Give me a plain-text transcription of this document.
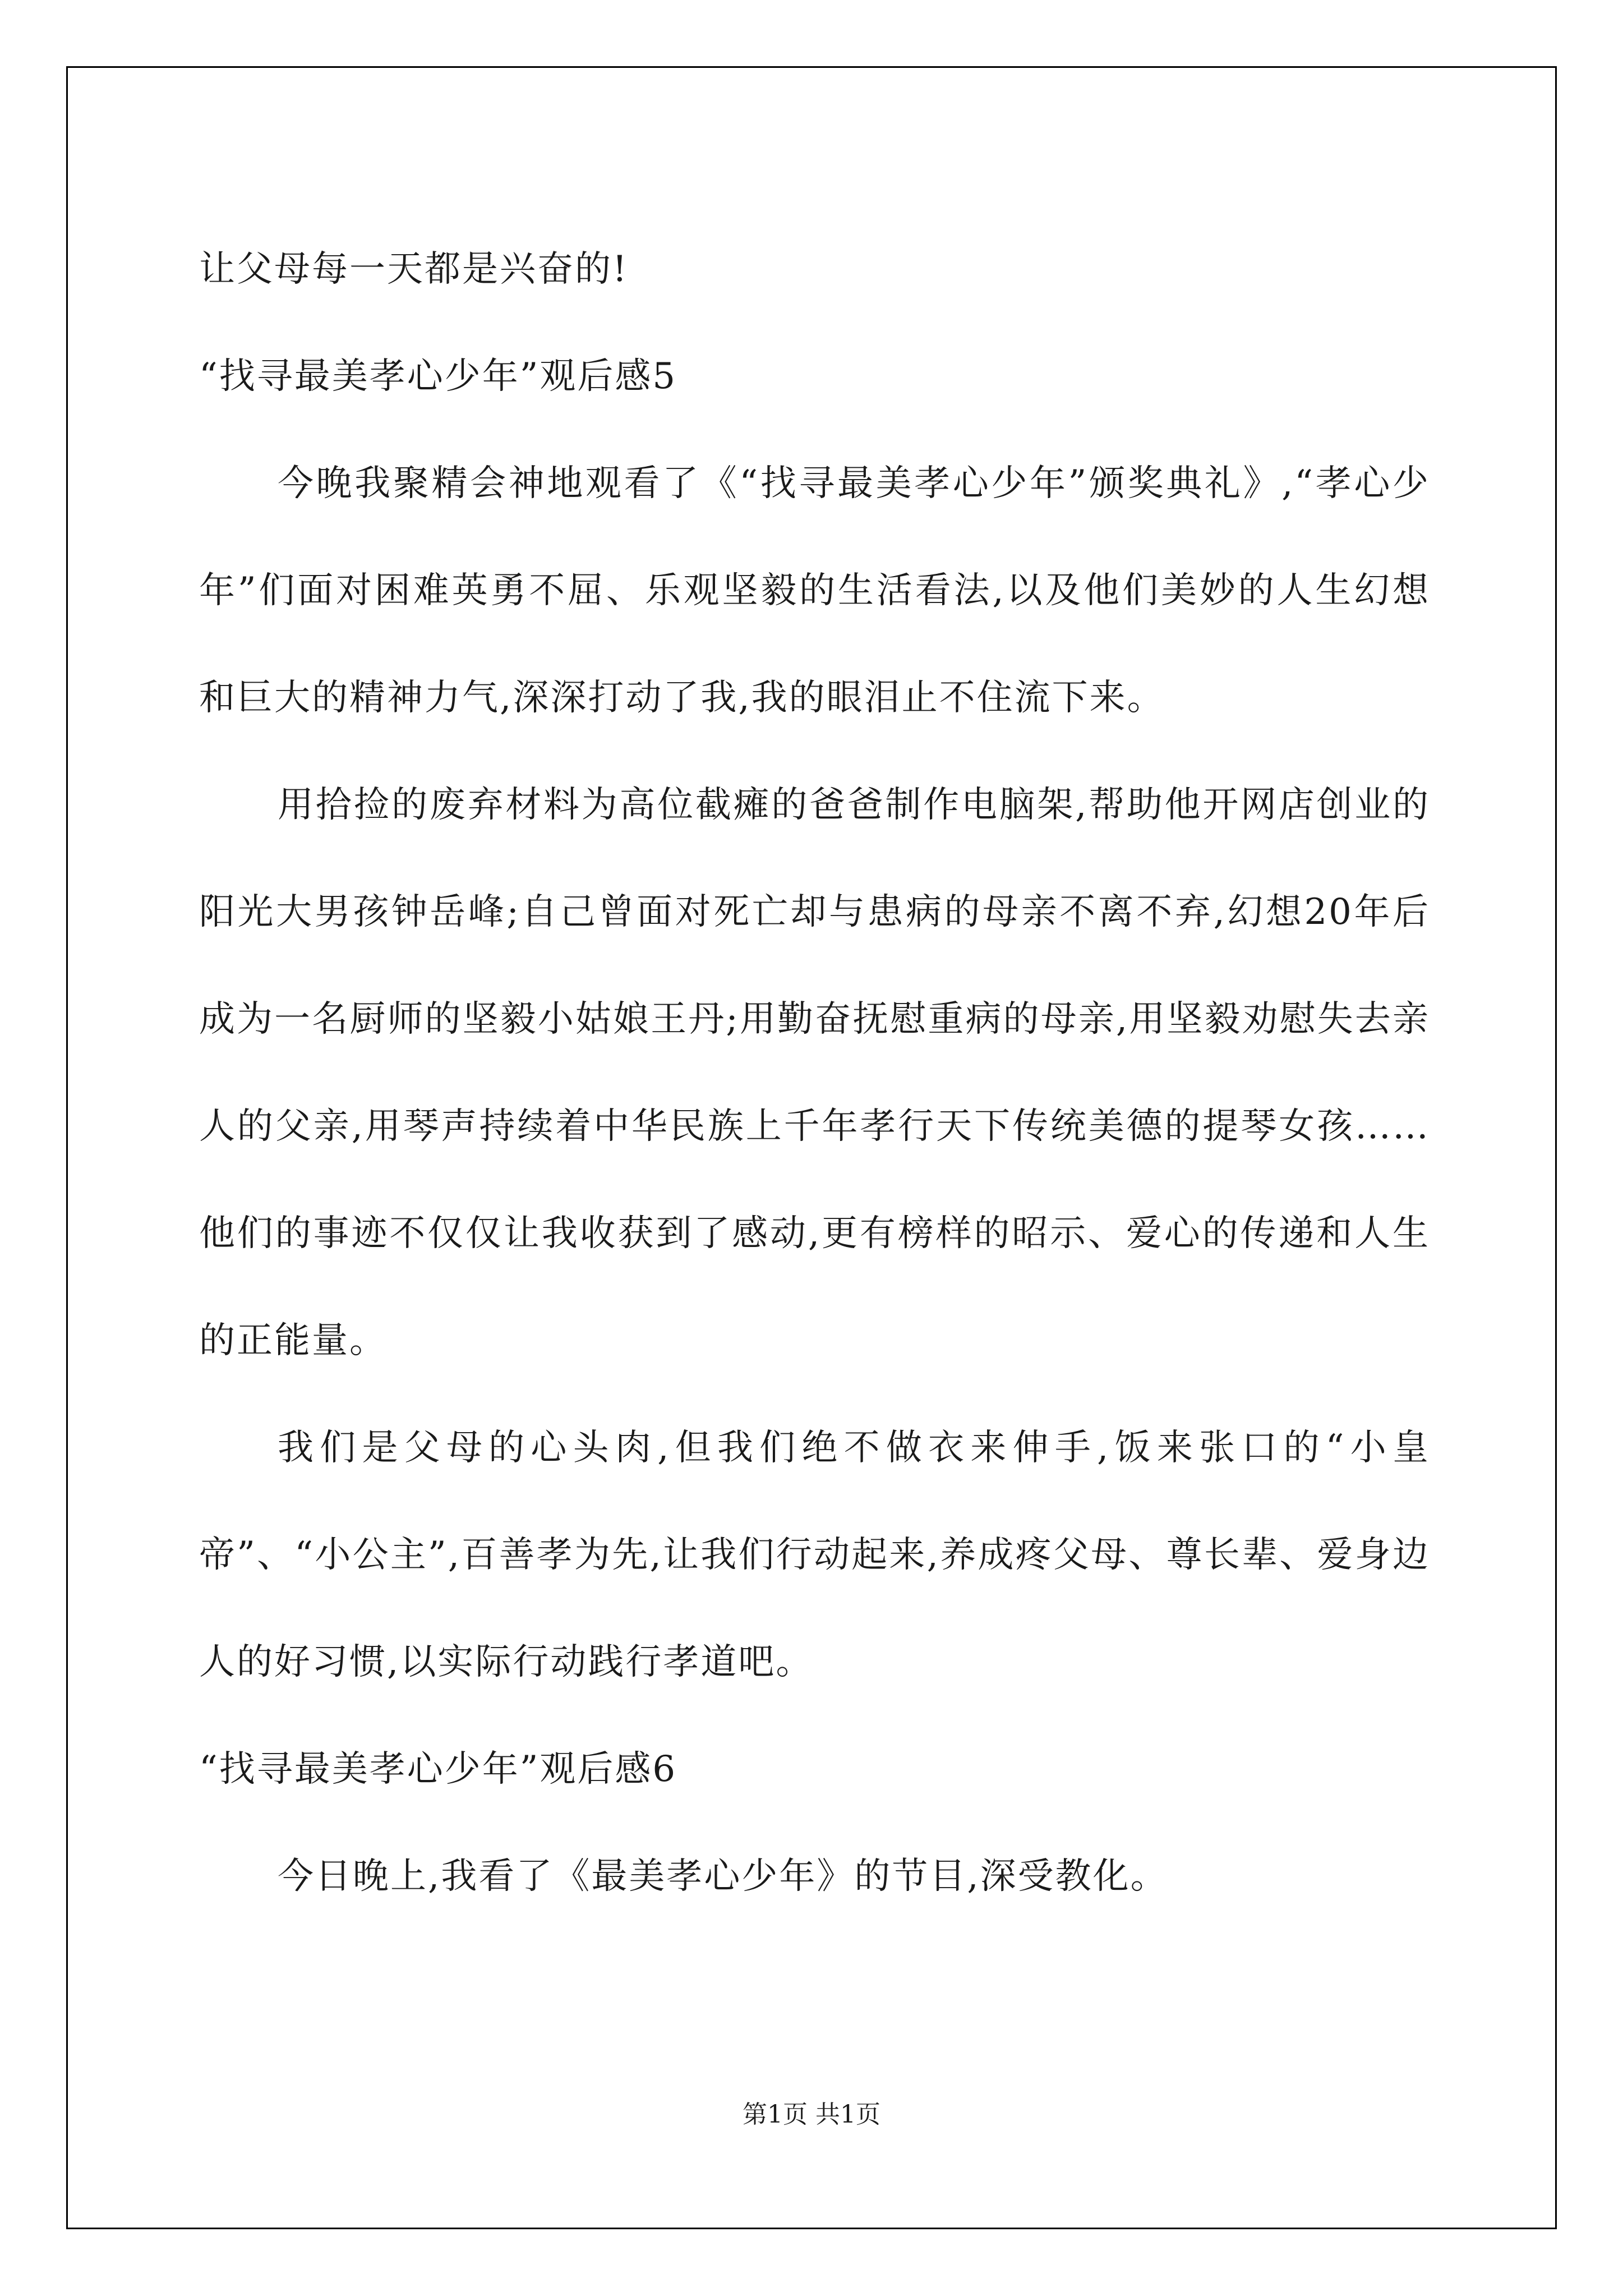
让父母每一天都是兴奋的!

“找寻最美孝心少年”观后感5

今晚我聚精会神地观看了《“找寻最美孝心少年”颁奖典礼》,“孝心少年”们面对困难英勇不屈、乐观坚毅的生活看法,以及他们美妙的人生幻想和巨大的精神力气,深深打动了我,我的眼泪止不住流下来。

用拾捡的废弃材料为高位截瘫的爸爸制作电脑架,帮助他开网店创业的阳光大男孩钟岳峰;自己曾面对死亡却与患病的母亲不离不弃,幻想20年后成为一名厨师的坚毅小姑娘王丹;用勤奋抚慰重病的母亲,用坚毅劝慰失去亲人的父亲,用琴声持续着中华民族上千年孝行天下传统美德的提琴女孩……他们的事迹不仅仅让我收获到了感动,更有榜样的昭示、爱心的传递和人生的正能量。

我们是父母的心头肉,但我们绝不做衣来伸手,饭来张口的“小皇帝”、“小公主”,百善孝为先,让我们行动起来,养成疼父母、尊长辈、爱身边人的好习惯,以实际行动践行孝道吧。

“找寻最美孝心少年”观后感6

今日晚上,我看了《最美孝心少年》的节目,深受教化。

第1页 共1页
